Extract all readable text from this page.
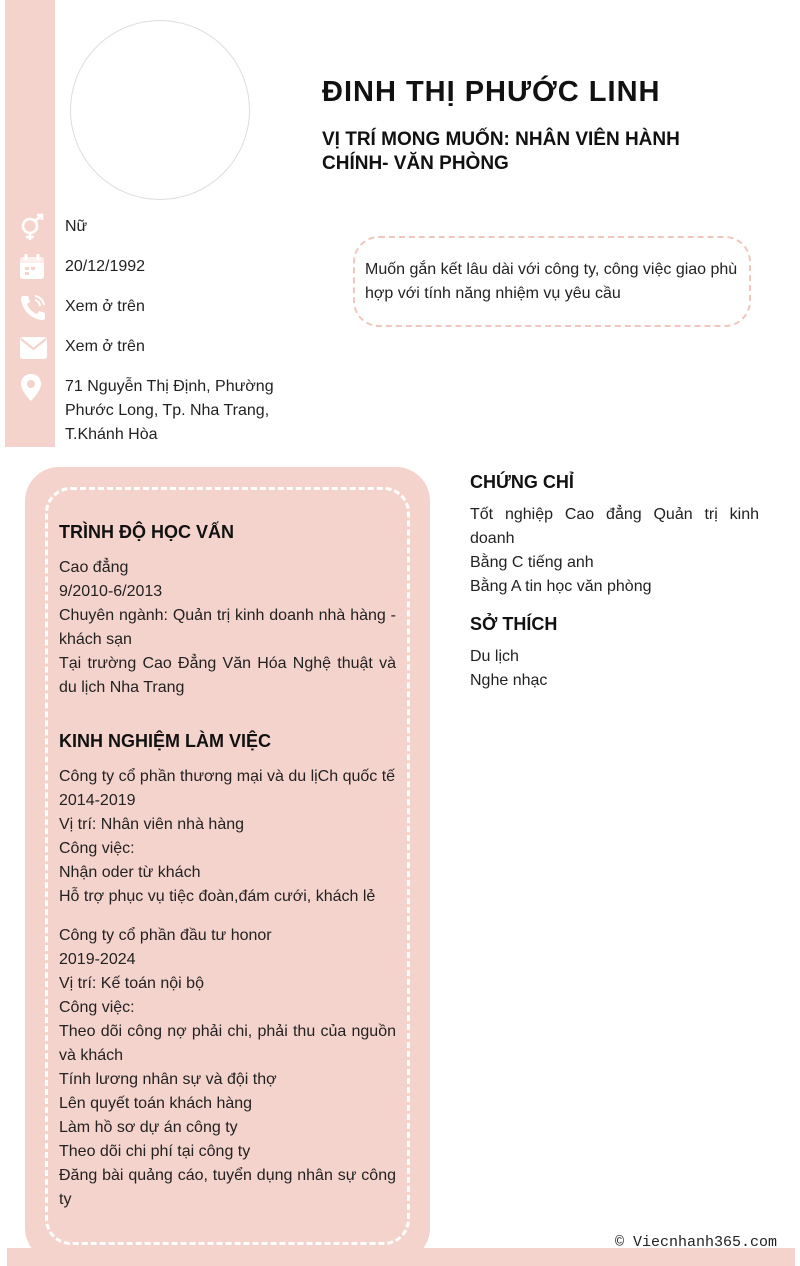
ĐINH THỊ PHƯỚC LINH
VỊ TRÍ MONG MUỐN: NHÂN VIÊN HÀNH
CHÍNH- VĂN PHÒNG
Nữ
20/12/1992
Xem ở trên
Xem ở trên
71 Nguyễn Thị Định, Phường
Phước Long, Tp. Nha Trang,
T.Khánh Hòa
Muốn gắn kết lâu dài với công ty, công việc giao phù
hợp với tính năng nhiệm vụ yêu cầu
TRÌNH ĐỘ HỌC VẤN
Cao đẳng
9/2010-6/2013
Chuyên ngành: Quản trị kinh doanh nhà hàng - khách sạn
Tại trường Cao Đẳng Văn Hóa Nghệ thuật và du lịch Nha Trang
KINH NGHIỆM LÀM VIỆC
Công ty cổ phần thương mại và du lịCh quốc tế
2014-2019
Vị trí: Nhân viên nhà hàng
Công việc:
Nhận oder từ khách
Hỗ trợ phục vụ tiệc đoàn,đám cưới, khách lẻ
Công ty cổ phần đầu tư honor
2019-2024
Vị trí: Kế toán nội bộ
Công việc:
Theo dõi công nợ phải chi, phải thu của nguồn và khách
Tính lương nhân sự và đội thợ
Lên quyết toán khách hàng
Làm hồ sơ dự án công ty
Theo dõi chi phí tại công ty
Đăng bài quảng cáo, tuyển dụng nhân sự công ty
CHỨNG CHỈ
Tốt nghiệp Cao đẳng Quản trị kinh doanh
Bằng C tiếng anh
Bằng A tin học văn phòng
SỞ THÍCH
Du lịch
Nghe nhạc
© Viecnhanh365.com
